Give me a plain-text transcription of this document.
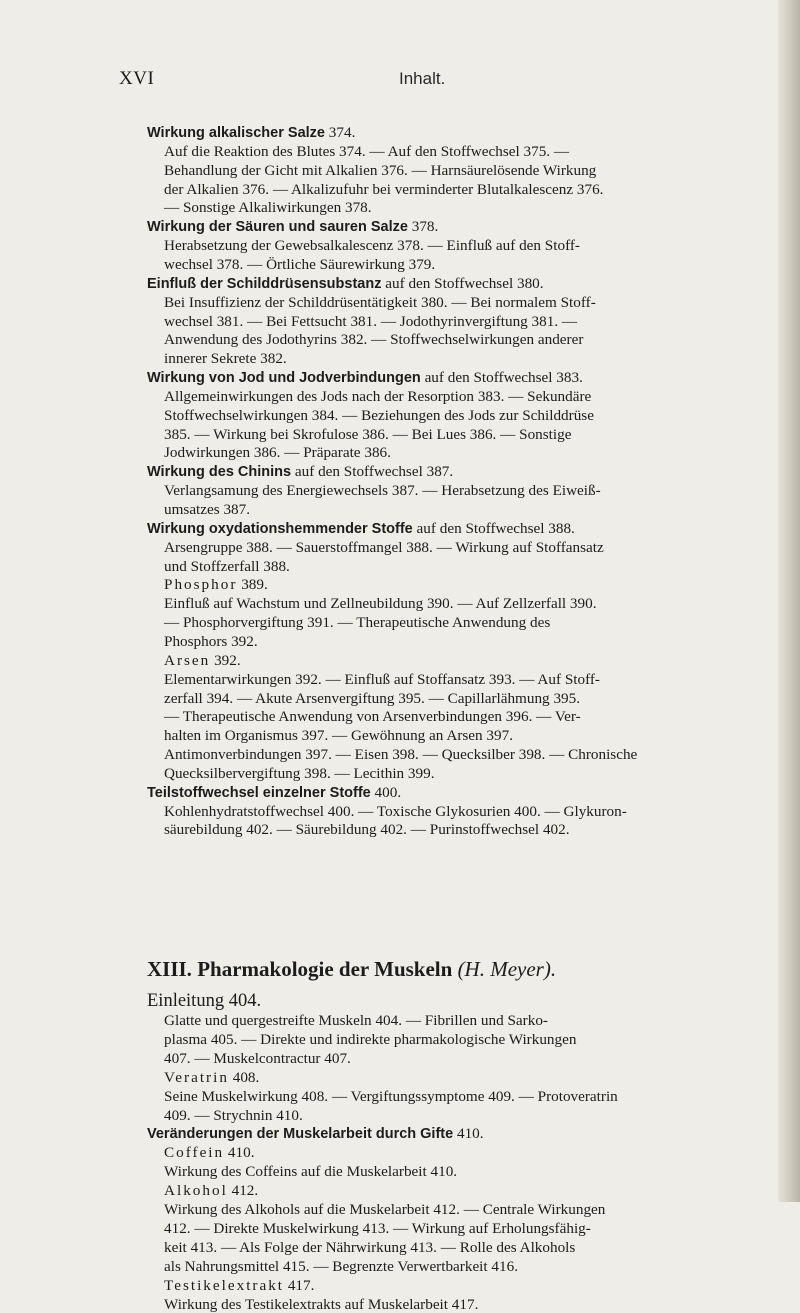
XVI	Inhalt.
Wirkung alkalischer Salze 374.
Auf die Reaktion des Blutes 374. — Auf den Stoffwechsel 375. —
Behandlung der Gicht mit Alkalien 376. — Harnsäurelösende Wirkung
der Alkalien 376. — Alkalizufuhr bei verminderter Blutalkalescenz 376.
— Sonstige Alkaliwirkungen 378.
Wirkung der Säuren und sauren Salze 378.
Herabsetzung der Gewebsalkalescenz 378. — Einfluß auf den Stoff-
wechsel 378. — Örtliche Säurewirkung 379.
Einfluß der Schilddrüsensubstanz auf den Stoffwechsel 380.
Bei Insuffizienz der Schilddrüsentätigkeit 380. — Bei normalem Stoff-
wechsel 381. — Bei Fettsucht 381. — Jodothyrinvergiftung 381. —
Anwendung des Jodothyrins 382. — Stoffwechselwirkungen anderer
innerer Sekrete 382.
Wirkung von Jod und Jodverbindungen auf den Stoffwechsel 383.
Allgemeinwirkungen des Jods nach der Resorption 383. — Sekundäre
Stoffwechselwirkungen 384. — Beziehungen des Jods zur Schilddrüse
385. — Wirkung bei Skrofulose 386. — Bei Lues 386. — Sonstige
Jodwirkungen 386. — Präparate 386.
Wirkung des Chinins auf den Stoffwechsel 387.
Verlangsamung des Energiewechsels 387. — Herabsetzung des Eiweiß-
umsatzes 387.
Wirkung oxydationshemmender Stoffe auf den Stoffwechsel 388.
Arsengruppe 388. — Sauerstoffmangel 388. — Wirkung auf Stoffansatz
und Stoffzerfall 388.
Phosphor 389.
Einfluß auf Wachstum und Zellneubildung 390. — Auf Zellzerfall 390.
— Phosphorvergiftung 391. — Therapeutische Anwendung des
Phosphors 392.
Arsen 392.
Elementarwirkungen 392. — Einfluß auf Stoffansatz 393. — Auf Stoff-
zerfall 394. — Akute Arsenvergiftung 395. — Capillarlähmung 395.
— Therapeutische Anwendung von Arsenverbindungen 396. — Ver-
halten im Organismus 397. — Gewöhnung an Arsen 397.
Antimonverbindungen 397. — Eisen 398. — Quecksilber 398. — Chronische
Quecksilbervergiftung 398. — Lecithin 399.
Teilstoffwechsel einzelner Stoffe 400.
Kohlenhydratstoffwechsel 400. — Toxische Glykosurien 400. — Glykuron-
säurebildung 402. — Säurebildung 402. — Purinstoffwechsel 402.
Glatte und quergestreifte Muskeln 404. — Fibrillen und Sarko-
plasma 405. — Direkte und indirekte pharmakologische Wirkungen
407. — Muskelcontractur 407.
Veratrin 408.
Seine Muskelwirkung 408. — Vergiftungssymptome 409. — Protoveratrin
409. — Strychnin 410.
Veränderungen der Muskelarbeit durch Gifte 410.
Coffein 410.
Wirkung des Coffeins auf die Muskelarbeit 410.
Alkohol 412.
Wirkung des Alkohols auf die Muskelarbeit 412. — Centrale Wirkungen
412. — Direkte Muskelwirkung 413. — Wirkung auf Erholungsfähig-
keit 413. — Als Folge der Nährwirkung 413. — Rolle des Alkohols
als Nahrungsmittel 415. — Begrenzte Verwertbarkeit 416.
Testikelextrakt 417.
Wirkung des Testikelextrakts auf Muskelarbeit 417.
XIII. Pharmakologie der Muskeln (H. Meyer).
Einleitung 404.
